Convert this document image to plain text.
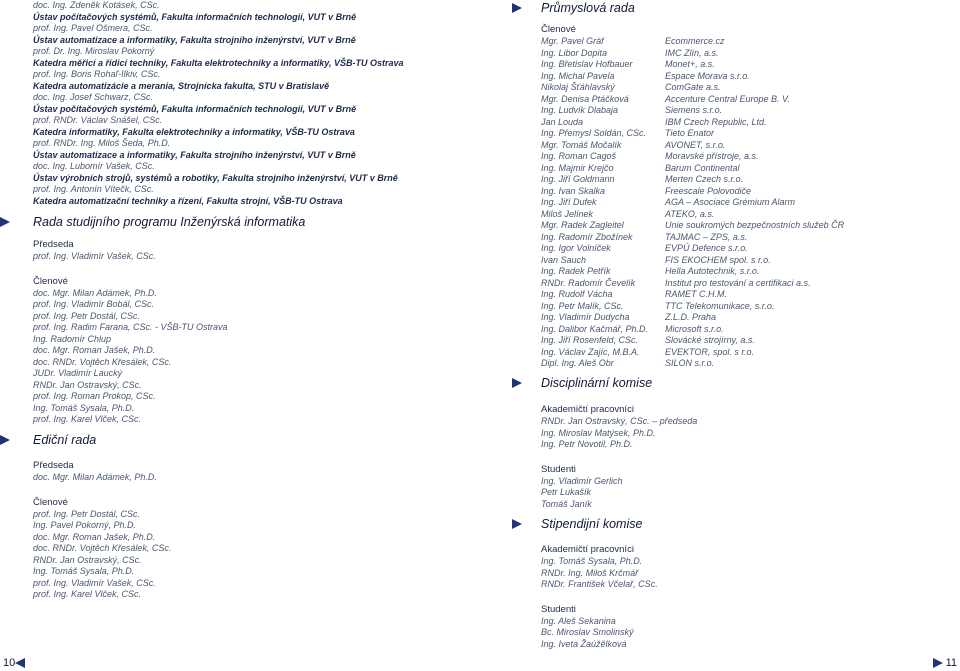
doc. Ing. Zdeněk Kotásek, CSc.
Ústav počítačových systémů, Fakulta informačních technologií, VUT v Brně
prof. Ing. Pavel Ošmera, CSc.
Ústav automatizace a informatiky, Fakulta strojního inženýrství, VUT v Brně
prof. Dr. Ing. Miroslav Pokorný
Katedra měřicí a řídicí techniky, Fakulta elektrotechniky a informatiky, VŠB-TU Ostrava
prof. Ing. Boris Rohaľ-Ilkiv, CSc.
Katedra automatizácie a merania, Strojnícka fakulta, STU v Bratislavě
doc. Ing. Josef Schwarz, CSc.
Ústav počítačových systémů, Fakulta informačních technologií, VUT v Brně
prof. RNDr. Václav Snášel, CSc.
Katedra informatiky, Fakulta elektrotechniky a informatiky, VŠB-TU Ostrava
prof. RNDr. Ing. Miloš Šeda, Ph.D.
Ústav automatizace a informatiky, Fakulta strojního inženýrství, VUT v Brně
doc. Ing. Lubomír Vašek, CSc.
Ústav výrobních strojů, systémů a robotiky, Fakulta strojního inženýrství, VUT v Brně
prof. Ing. Antonín Vítečk, CSc.
Katedra automatizační techniky a řízení, Fakulta strojní, VŠB-TU Ostrava
Rada studijního programu Inženýrská informatika
Předseda
prof. Ing. Vladimír Vašek, CSc.
Členové
doc. Mgr. Milan Adámek, Ph.D.
prof. Ing. Vladimír Bobál, CSc.
prof. Ing. Petr Dostál, CSc.
prof. Ing. Radim Farana, CSc. - VŠB-TU Ostrava
Ing. Radomír Chlup
doc. Mgr. Roman Jašek, Ph.D.
doc. RNDr. Vojtěch Křesálek, CSc.
JUDr. Vladimír Laucký
RNDr. Jan Ostravský, CSc.
prof. Ing. Roman Prokop, CSc.
Ing. Tomáš Sysala, Ph.D.
prof. Ing. Karel Vlček, CSc.
Ediční rada
Předseda
doc. Mgr. Milan Adámek, Ph.D.
Členové
prof. Ing. Petr Dostál, CSc.
Ing. Pavel Pokorný, Ph.D.
doc. Mgr. Roman Jašek, Ph.D.
doc. RNDr. Vojtěch Křesálek, CSc.
RNDr. Jan Ostravský, CSc.
Ing. Tomáš Sysala, Ph.D.
prof. Ing. Vladimír Vašek, CSc.
prof. Ing. Karel Vlček, CSc.
Průmyslová rada
Členové
Mgr. Pavel Gráf	Ecommerce.cz
Ing. Libor Dopita	IMC Zlín, a.s.
Ing. Břetislav Hofbauer	Monet+, a.s.
Ing. Michal Pavela	Espace Morava s.r.o.
Nikolaj Šťáhlavský	ComGate a.s.
Mgr. Denisa Ptáčková	Accenture Central Europe B. V.
Ing. Ludvík Dlabaja	Siemens s.r.o.
Jan Louda	IBM Czech Republic, Ltd.
Ing. Přemysl Soldán, CSc.	Tieto Enator
Mgr. Tomáš Močalík	AVONET, s.r.o.
Ing. Roman Cagoš	Moravské přístroje, a.s.
Ing. Majmir Krejčo	Barum Continental
Ing. Jiří Goldmann	Merten Czech s.r.o.
Ing. Ivan Skalka	Freescale Polovodiče
Ing. Jiří Dufek	AGA – Asociace Grémium Alarm
Miloš Jelínek	ATEKO, a.s.
Mgr. Radek Zagleitel	Unie soukromých bezpečnostních služeb ČR
Ing. Radomír Zbožínek	TAJMAC – ZPS, a.s.
Ing. Igor Volníček	EVPÚ Defence s.r.o.
Ivan Sauch	FIS EKOCHEM spol. s r.o.
Ing. Radek Petřík	Hella Autotechnik, s.r.o.
RNDr. Radomír Čevelík	Institut pro testování a certifikaci a.s.
Ing. Rudolf Vácha	RAMET C.H.M.
Ing. Petr Malík, CSc.	TTC Telekomunikace, s.r.o.
Ing. Vladimír Dudycha	Z.L.D. Praha
Ing. Dalibor Kačmář, Ph.D.	Microsoft s.r.o.
Ing. Jiří Rosenfeld, CSc.	Slovácké strojírny, a.s.
Ing. Václav Zajíc, M.B.A.	EVEKTOR, spol. s r.o.
Dipl. Ing. Aleš Obr	SILON s.r.o.
Disciplinární komise
Akademičtí pracovníci
RNDr. Jan Ostravský, CSc. – předseda
Ing. Miroslav Matýsek, Ph.D.
Ing. Petr Novotil, Ph.D.
Studenti
Ing. Vladimír Gerlich
Petr Lukašík
Tomáš Janík
Stipendijní komise
Akademičtí pracovníci
Ing. Tomáš Sysala, Ph.D.
RNDr. Ing. Miloš Krčmář
RNDr. František Včelař, CSc.
Studenti
Ing. Aleš Sekanina
Bc. Miroslav Smolinský
Ing. Iveta Žaúžělková
10	11
